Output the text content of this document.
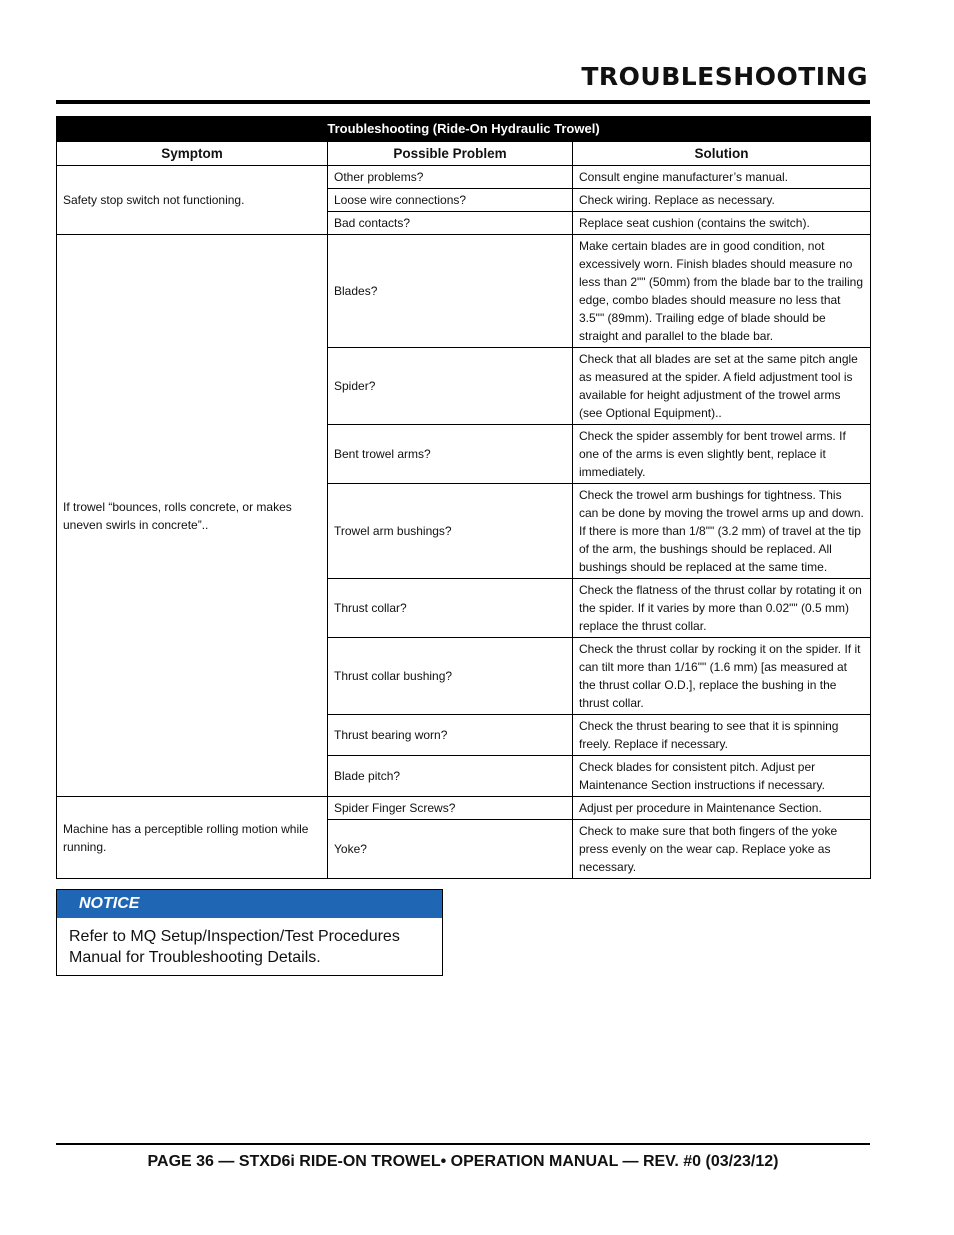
TROUBLESHOOTING
Troubleshooting (Ride-On Hydraulic Trowel)		
Symptom	Possible Problem	Solution
Safety stop switch not functioning.	Other problems?	Consult engine manufacturer’s manual.
	Loose wire connections?	Check wiring. Replace as necessary.
	Bad contacts?	Replace seat cushion (contains the switch).
If trowel “bounces, rolls concrete, or makes uneven swirls in concrete”..	Blades?	Make certain blades are in good condition, not excessively worn. Finish blades should measure no less than 2"" (50mm) from the blade bar to the trailing edge, combo blades should measure no less that 3.5"" (89mm). Trailing edge of blade should be straight and parallel to the blade bar.
	Spider?	Check that all blades are set at the same pitch angle as measured at the spider. A field adjustment tool is available for height adjustment of the trowel arms (see Optional Equipment)..
	Bent trowel arms?	Check the spider assembly for bent trowel arms. If one of the arms is even slightly bent, replace it immediately.
	Trowel arm bushings?	Check the trowel arm bushings for tightness. This can be done by moving the trowel arms up and down. If there is more than 1/8"" (3.2 mm) of travel at the tip of the arm, the bushings should be replaced. All bushings should be replaced at the same time.
	Thrust collar?	Check the flatness of the thrust collar by rotating it on the spider. If it varies by more than 0.02"" (0.5 mm) replace the thrust collar.
	Thrust collar bushing?	Check the thrust collar by rocking it on the spider. If it can tilt more than 1/16"" (1.6 mm) [as measured at the thrust collar O.D.], replace the bushing in the thrust collar.
	Thrust bearing worn?	Check the thrust bearing to see that it is spinning freely. Replace if necessary.
	Blade pitch?	Check blades for consistent pitch. Adjust per Maintenance Section instructions if necessary.
Machine has a perceptible rolling motion while running.	Spider Finger Screws?	Adjust per procedure in Maintenance Section.
	Yoke?	Check to make sure that both fingers of the yoke press evenly on the wear cap. Replace yoke as necessary.
NOTICE
Refer to MQ Setup/Inspection/Test Procedures Manual for Troubleshooting Details.

PAGE 36 — STXD6i RIDE-ON TROWEL• OPERATION MANUAL — REV. #0 (03/23/12)
